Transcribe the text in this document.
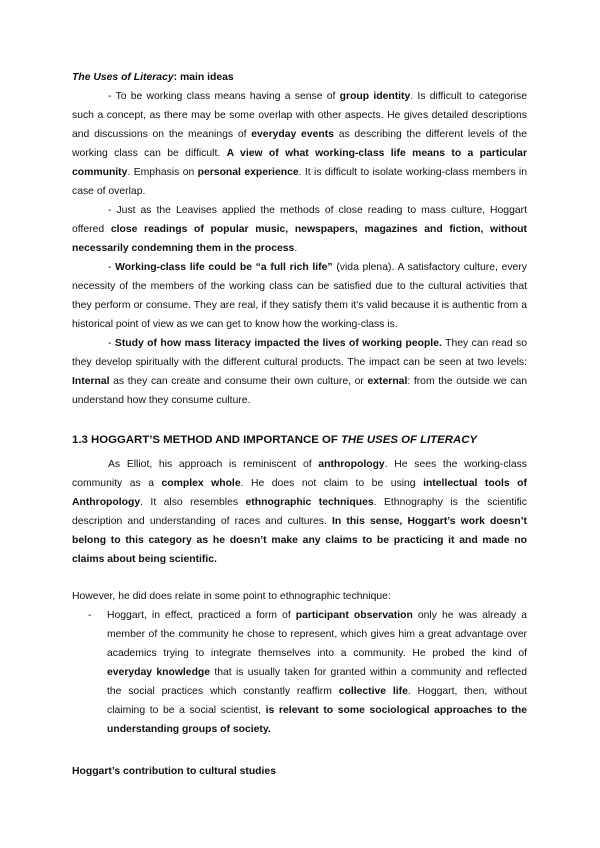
The Uses of Literacy: main ideas

- To be working class means having a sense of group identity. Is difficult to categorise such a concept, as there may be some overlap with other aspects. He gives detailed descriptions and discussions on the meanings of everyday events as describing the different levels of the working class can be difficult. A view of what working-class life means to a particular community. Emphasis on personal experience. It is difficult to isolate working-class members in case of overlap.

- Just as the Leavises applied the methods of close reading to mass culture, Hoggart offered close readings of popular music, newspapers, magazines and fiction, without necessarily condemning them in the process.

- Working-class life could be “a full rich life” (vida plena). A satisfactory culture, every necessity of the members of the working class can be satisfied due to the cultural activities that they perform or consume. They are real, if they satisfy them it’s valid because it is authentic from a historical point of view as we can get to know how the working-class is.

- Study of how mass literacy impacted the lives of working people. They can read so they develop spiritually with the different cultural products. The impact can be seen at two levels: Internal as they can create and consume their own culture, or external: from the outside we can understand how they consume culture.

1.3 HOGGART’S METHOD AND IMPORTANCE OF THE USES OF LITERACY

As Elliot, his approach is reminiscent of anthropology. He sees the working-class community as a complex whole. He does not claim to be using intellectual tools of Anthropology. It also resembles ethnographic techniques. Ethnography is the scientific description and understanding of races and cultures. In this sense, Hoggart’s work doesn’t belong to this category as he doesn’t make any claims to be practicing it and made no claims about being scientific.

However, he did does relate in some point to ethnographic technique:

- Hoggart, in effect, practiced a form of participant observation only he was already a member of the community he chose to represent, which gives him a great advantage over academics trying to integrate themselves into a community. He probed the kind of everyday knowledge that is usually taken for granted within a community and reflected the social practices which constantly reaffirm collective life. Hoggart, then, without claiming to be a social scientist, is relevant to some sociological approaches to the understanding groups of society.

Hoggart’s contribution to cultural studies
